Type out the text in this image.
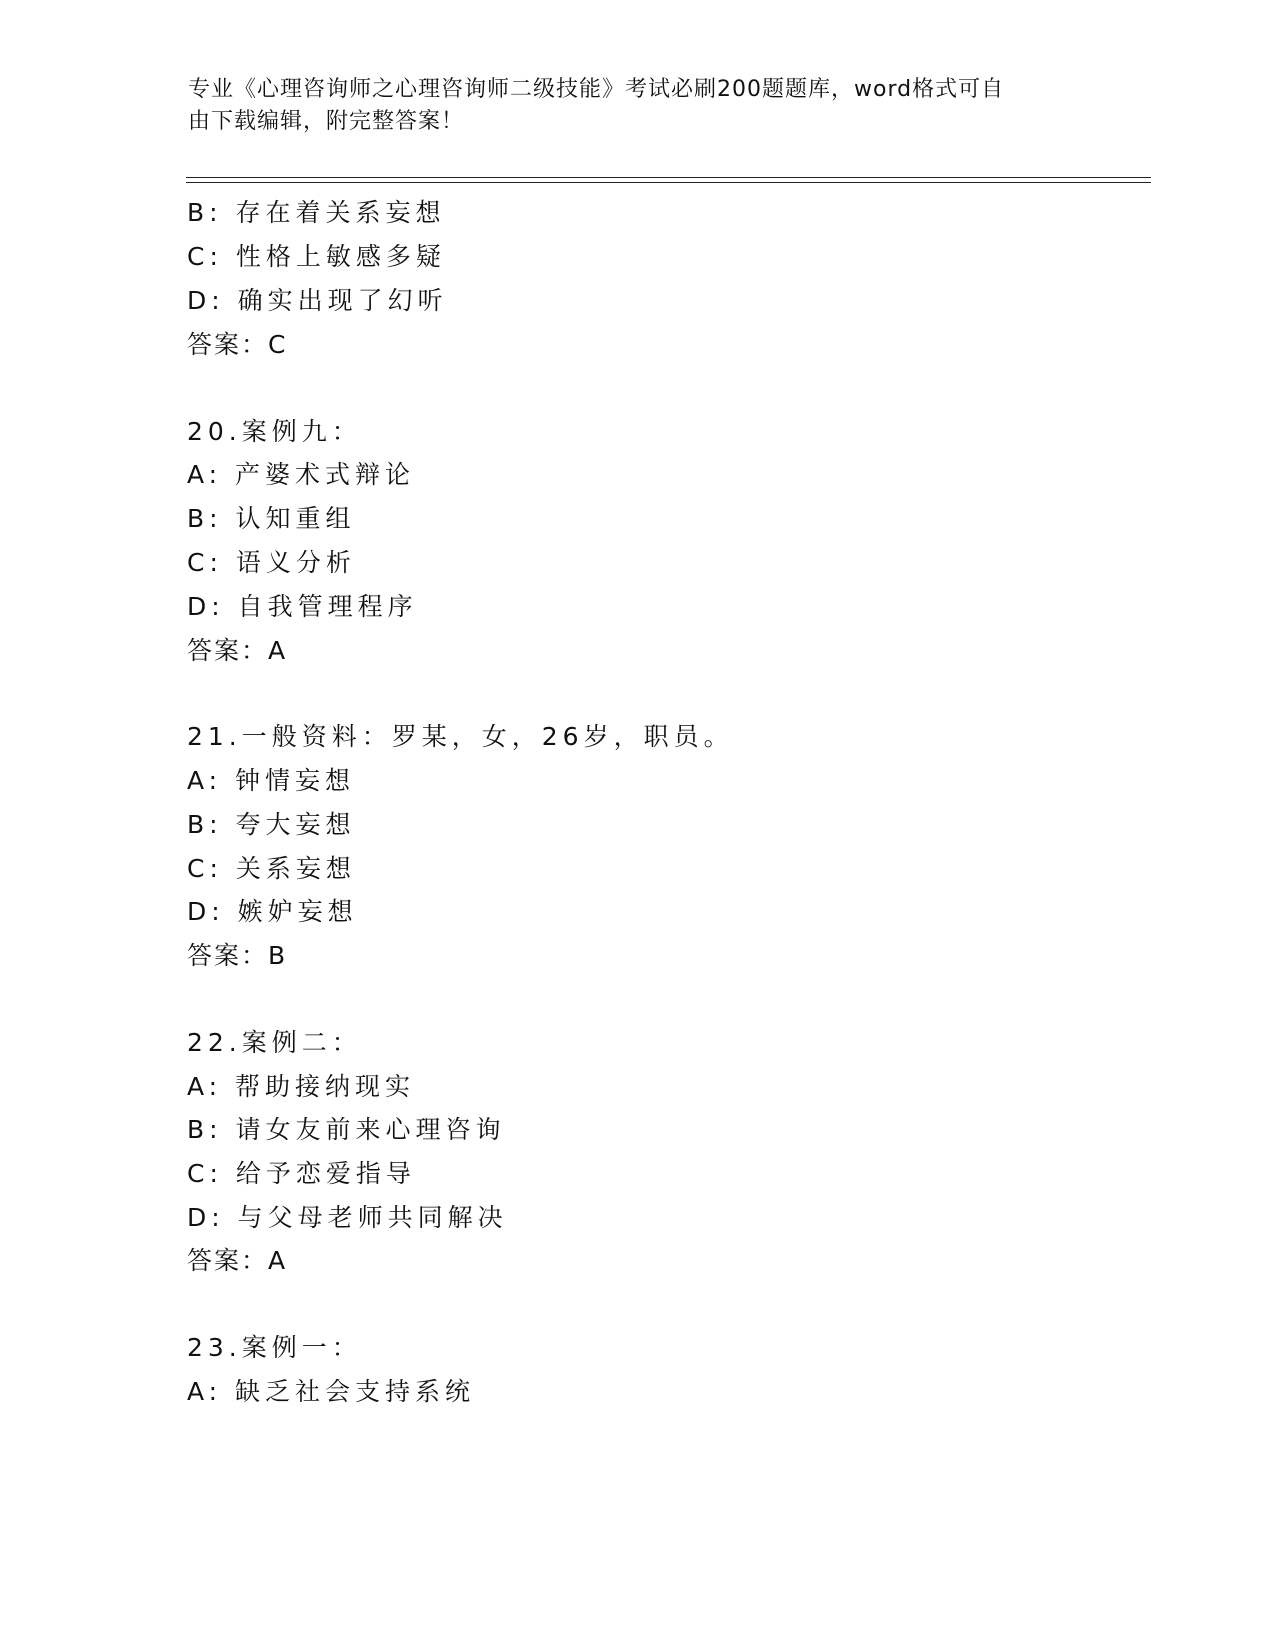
专业《心理咨询师之心理咨询师二级技能》考试必刷200题题库，word格式可自
由下载编辑，附完整答案！
B: 存在着关系妄想
C: 性格上敏感多疑
D: 确实出现了幻听
答案：C
20.案例九：
A: 产婆术式辩论
B: 认知重组
C: 语义分析
D: 自我管理程序
答案：A
21.一般资料：罗某，女，26岁，职员。
A: 钟情妄想
B: 夸大妄想
C: 关系妄想
D: 嫉妒妄想
答案：B
22.案例二：
A: 帮助接纳现实
B: 请女友前来心理咨询
C: 给予恋爱指导
D: 与父母老师共同解决
答案：A
23.案例一：
A: 缺乏社会支持系统
